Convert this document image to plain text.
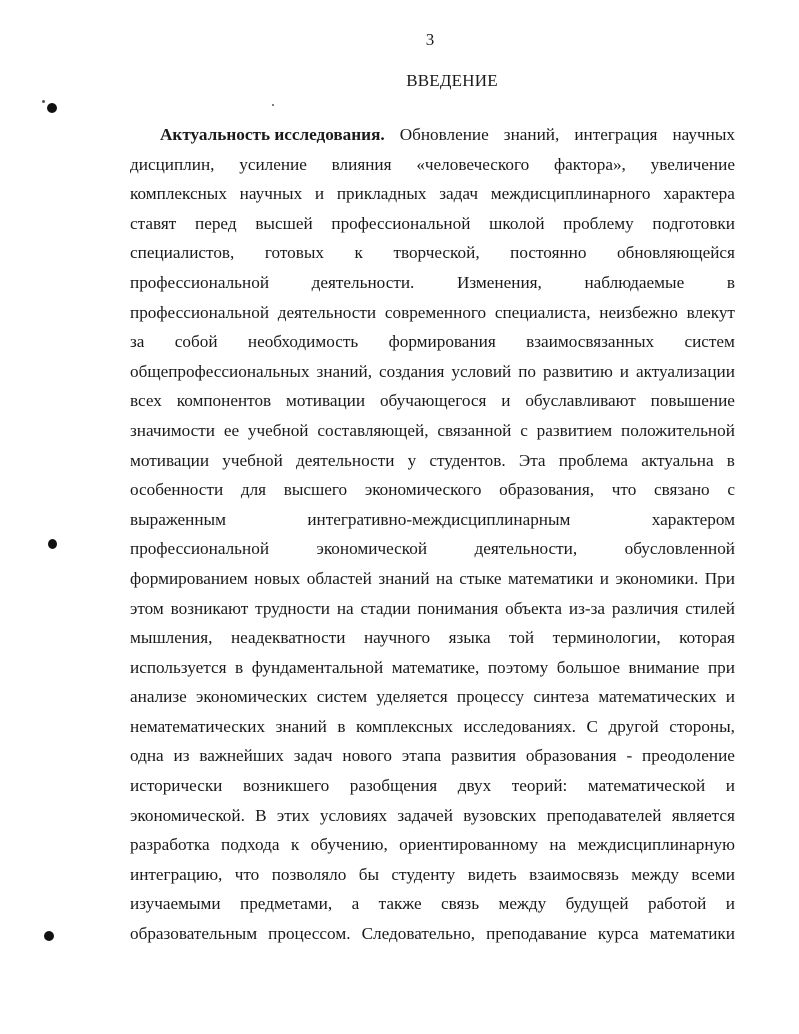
3
ВВЕДЕНИЕ
Актуальность исследования. Обновление знаний, интеграция научных
дисциплин, усиление влияния «человеческого фактора», увеличение
комплексных научных и прикладных задач междисциплинарного характера
ставят перед высшей профессиональной школой проблему подготовки
специалистов, готовых к творческой, постоянно обновляющейся
профессиональной деятельности. Изменения, наблюдаемые в
профессиональной деятельности современного специалиста, неизбежно влекут
за собой необходимость формирования взаимосвязанных систем
общепрофессиональных знаний, создания условий по развитию и актуализации
всех компонентов мотивации обучающегося и обуславливают повышение
значимости ее учебной составляющей, связанной с развитием положительной
мотивации учебной деятельности у студентов. Эта проблема актуальна в
особенности для высшего экономического образования, что связано с
выраженным	интегративно-междисциплинарным	характером
профессиональной	экономической	деятельности,	обусловленной
формированием новых областей знаний на стыке математики и экономики. При
этом возникают трудности на стадии понимания объекта из-за различия стилей
мышления, неадекватности научного языка той терминологии, которая
используется в фундаментальной математике, поэтому большое внимание при
анализе экономических систем уделяется процессу синтеза математических и
нематематических знаний в комплексных исследованиях. С другой стороны,
одна из важнейших задач нового этапа развития образования - преодоление
исторически возникшего разобщения двух теорий: математической и
экономической. В этих условиях задачей вузовских преподавателей является
разработка подхода к обучению, ориентированному на междисциплинарную
интеграцию, что позволяло бы студенту видеть взаимосвязь между всеми
изучаемыми предметами, а также связь между будущей работой и
образовательным процессом. Следовательно, преподавание курса математики
